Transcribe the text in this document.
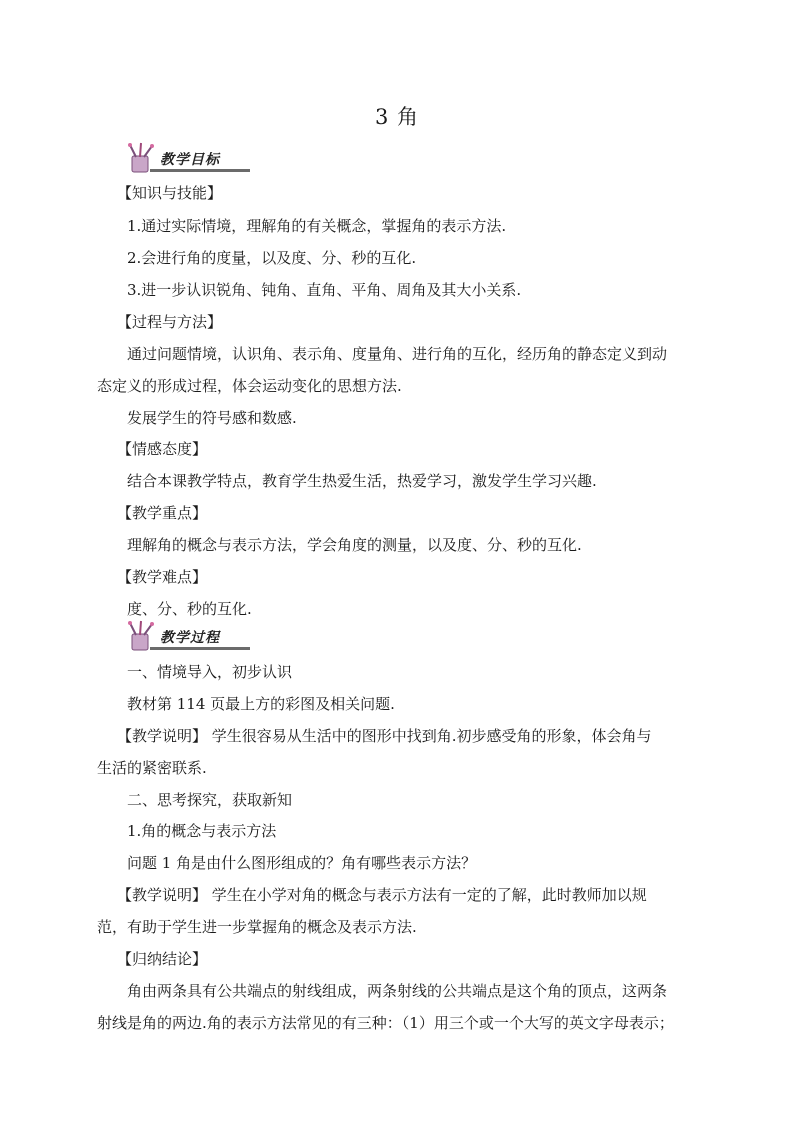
3 角
教学目标
【知识与技能】
1.通过实际情境，理解角的有关概念，掌握角的表示方法.
2.会进行角的度量，以及度、分、秒的互化.
3.进一步认识锐角、钝角、直角、平角、周角及其大小关系.
【过程与方法】
通过问题情境，认识角、表示角、度量角、进行角的互化，经历角的静态定义到动
态定义的形成过程，体会运动变化的思想方法.
发展学生的符号感和数感.
【情感态度】
结合本课教学特点，教育学生热爱生活，热爱学习，激发学生学习兴趣.
【教学重点】
理解角的概念与表示方法，学会角度的测量，以及度、分、秒的互化.
【教学难点】
度、分、秒的互化.
教学过程
一、情境导入，初步认识
教材第 114 页最上方的彩图及相关问题.
【教学说明】 学生很容易从生活中的图形中找到角.初步感受角的形象，体会角与
生活的紧密联系.
二、思考探究，获取新知
1.角的概念与表示方法
问题 1 角是由什么图形组成的？角有哪些表示方法？
【教学说明】 学生在小学对角的概念与表示方法有一定的了解，此时教师加以规
范，有助于学生进一步掌握角的概念及表示方法.
【归纳结论】
角由两条具有公共端点的射线组成，两条射线的公共端点是这个角的顶点，这两条
射线是角的两边.角的表示方法常见的有三种：（1）用三个或一个大写的英文字母表示；
